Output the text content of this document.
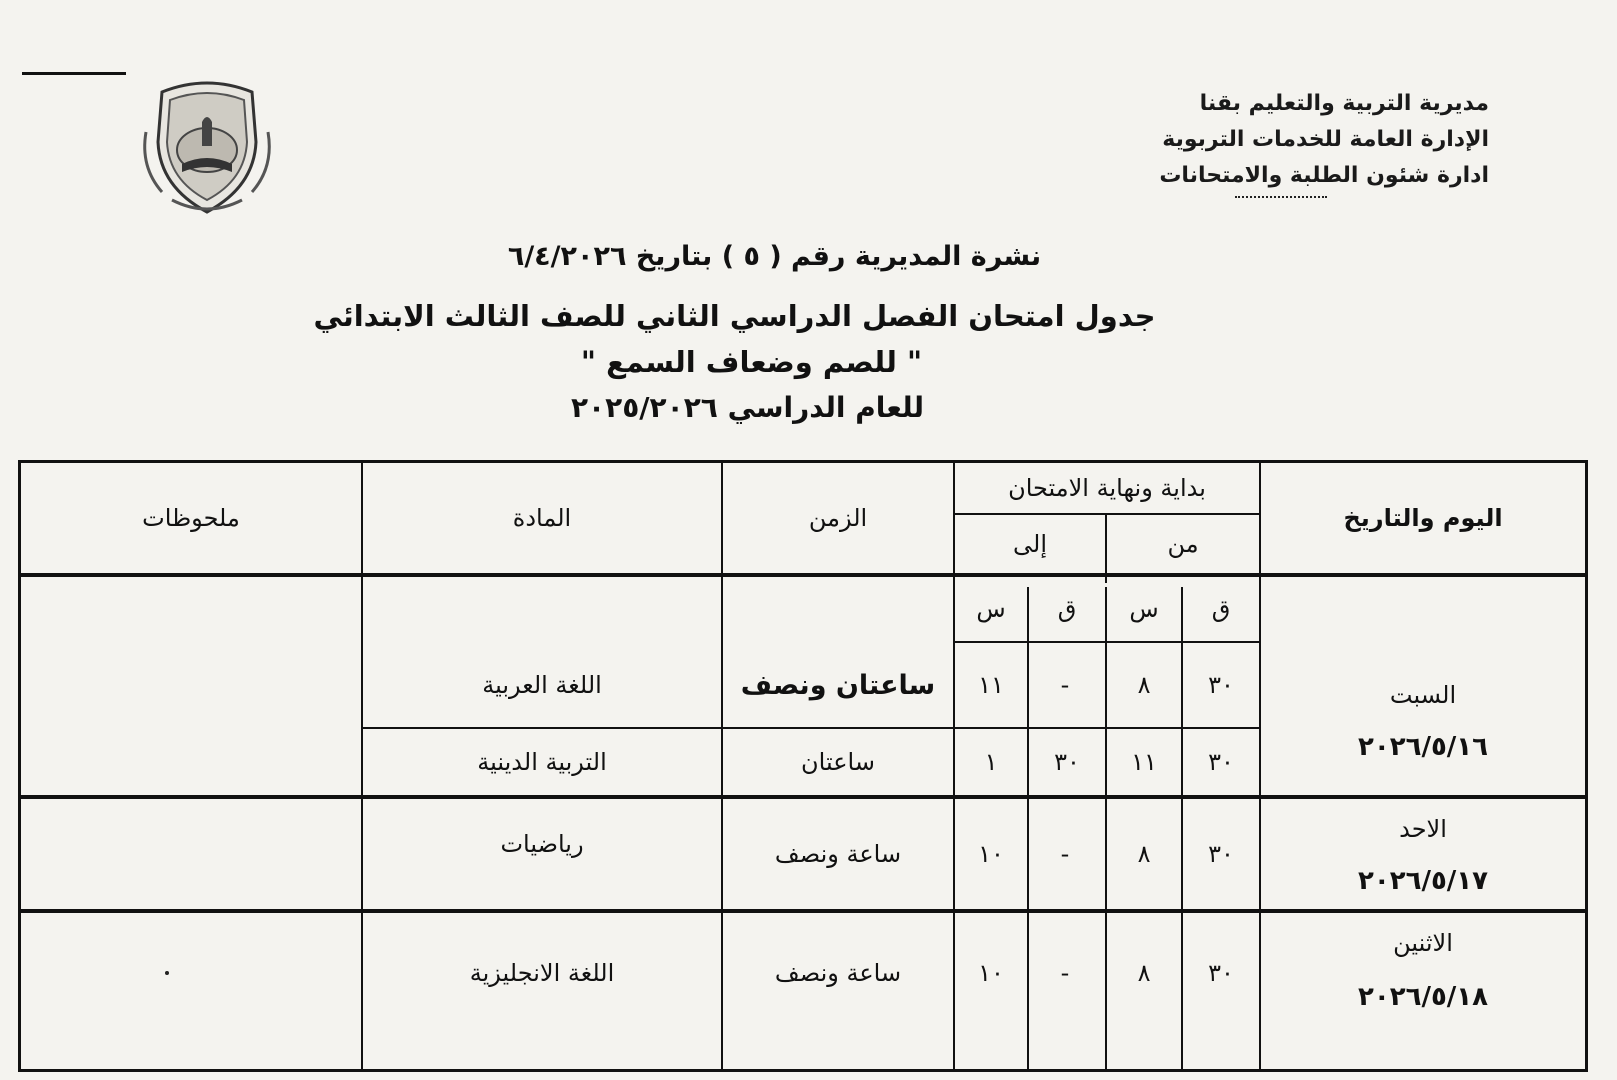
مديرية التربية والتعليم بقنا
الإدارة العامة للخدمات التربوية
ادارة شئون الطلبة والامتحانات
نشرة المديرية رقم ( ٥ ) بتاريخ ٦/٤/٢٠٢٦
جدول امتحان الفصل الدراسي الثاني للصف الثالث الابتدائي
" للصم وضعاف السمع "
للعام الدراسي ٢٠٢٥/٢٠٢٦
اليوم والتاريخ
بداية ونهاية الامتحان
من
إلى
الزمن
المادة
ملحوظات
ق
س
ق
س
السبت
٢٠٢٦/٥/١٦
٣٠
٨
-
١١
ساعتان ونصف
اللغة العربية
٣٠
١١
٣٠
١
ساعتان
التربية الدينية
الاحد
٢٠٢٦/٥/١٧
٣٠
٨
-
١٠
ساعة ونصف
رياضيات
الاثنين
٢٠٢٦/٥/١٨
٣٠
٨
-
١٠
ساعة ونصف
اللغة الانجليزية
